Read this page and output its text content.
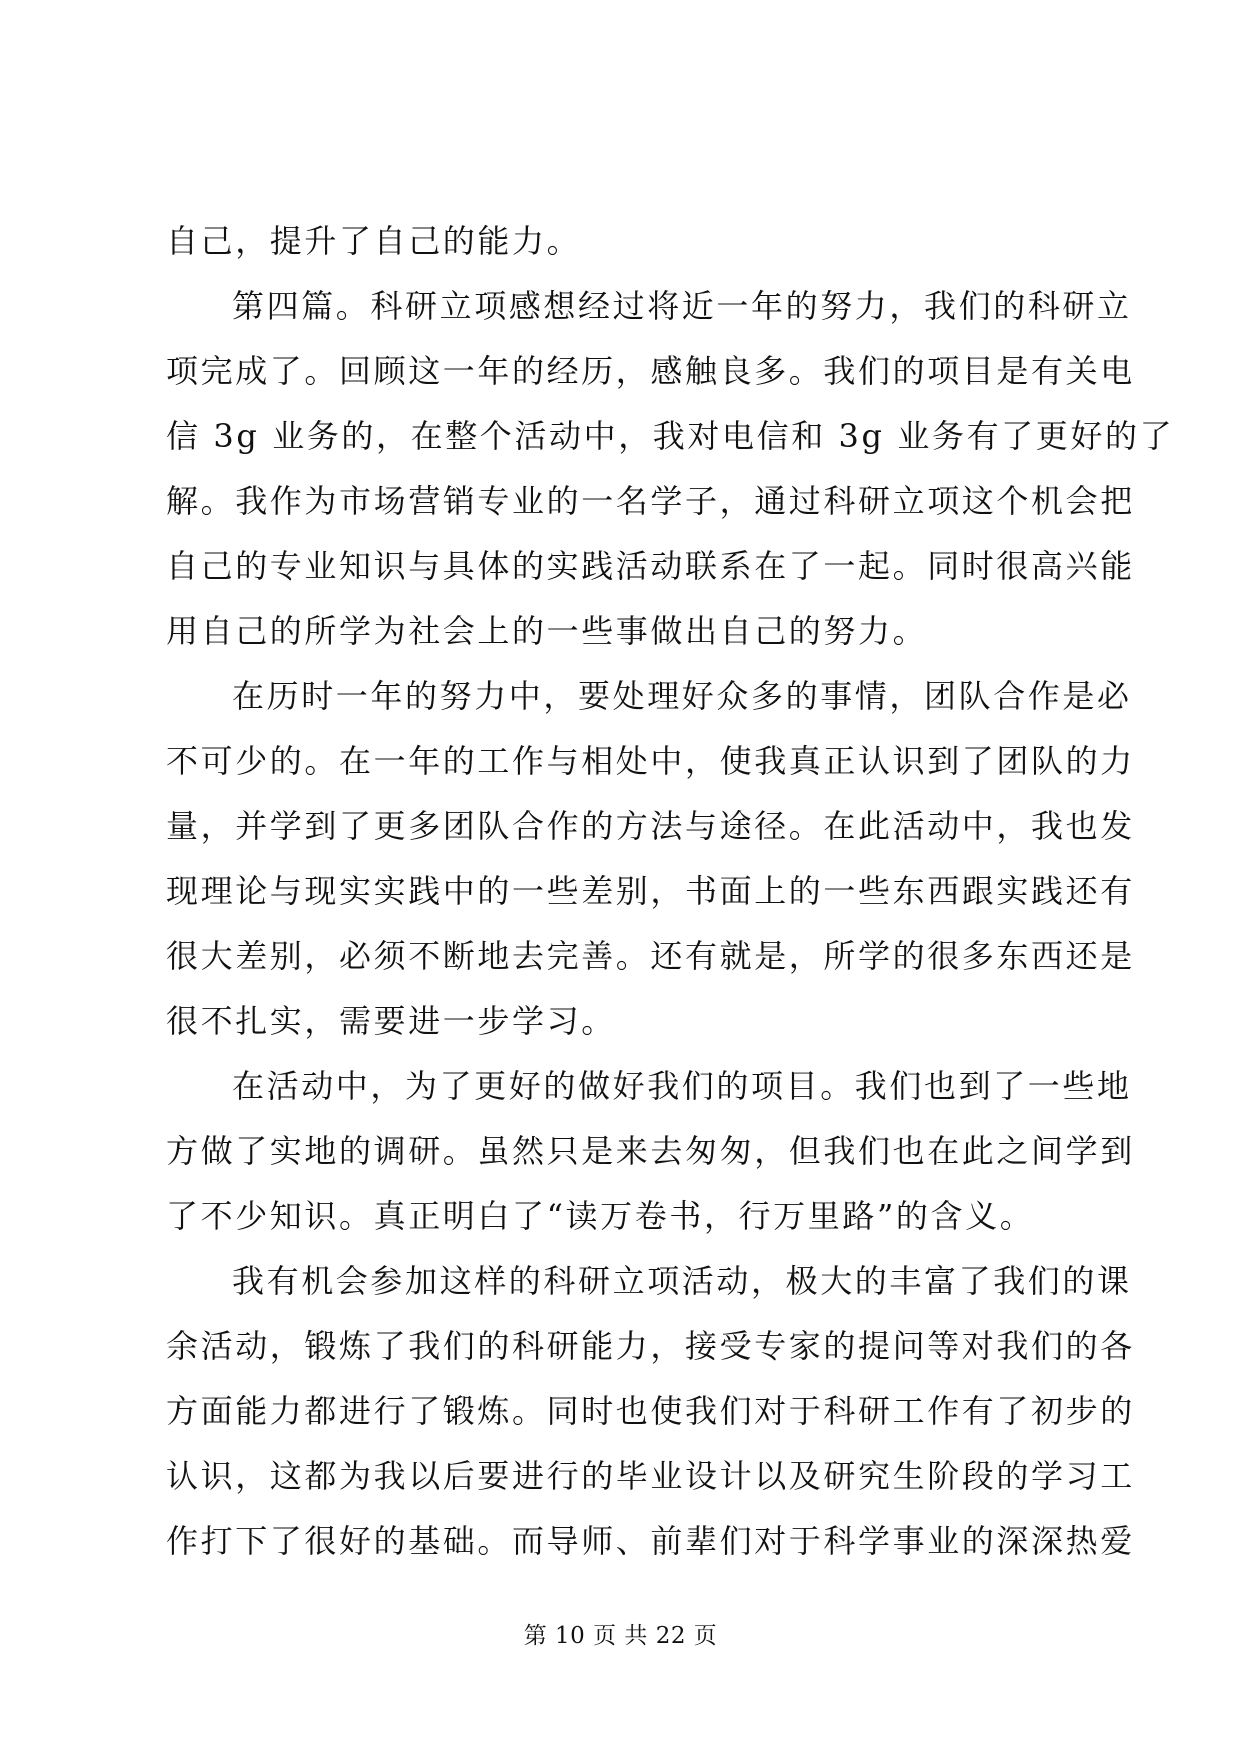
自己，提升了自己的能力。
第四篇。科研立项感想经过将近一年的努力，我们的科研立
项完成了。回顾这一年的经历，感触良多。我们的项目是有关电
信 3g 业务的，在整个活动中，我对电信和 3g 业务有了更好的了
解。我作为市场营销专业的一名学子，通过科研立项这个机会把
自己的专业知识与具体的实践活动联系在了一起。同时很高兴能
用自己的所学为社会上的一些事做出自己的努力。
在历时一年的努力中，要处理好众多的事情，团队合作是必
不可少的。在一年的工作与相处中，使我真正认识到了团队的力
量，并学到了更多团队合作的方法与途径。在此活动中，我也发
现理论与现实实践中的一些差别，书面上的一些东西跟实践还有
很大差别，必须不断地去完善。还有就是，所学的很多东西还是
很不扎实，需要进一步学习。
在活动中，为了更好的做好我们的项目。我们也到了一些地
方做了实地的调研。虽然只是来去匆匆，但我们也在此之间学到
了不少知识。真正明白了“读万卷书，行万里路”的含义。
我有机会参加这样的科研立项活动，极大的丰富了我们的课
余活动，锻炼了我们的科研能力，接受专家的提问等对我们的各
方面能力都进行了锻炼。同时也使我们对于科研工作有了初步的
认识，这都为我以后要进行的毕业设计以及研究生阶段的学习工
作打下了很好的基础。而导师、前辈们对于科学事业的深深热爱
第 10 页 共 22 页
